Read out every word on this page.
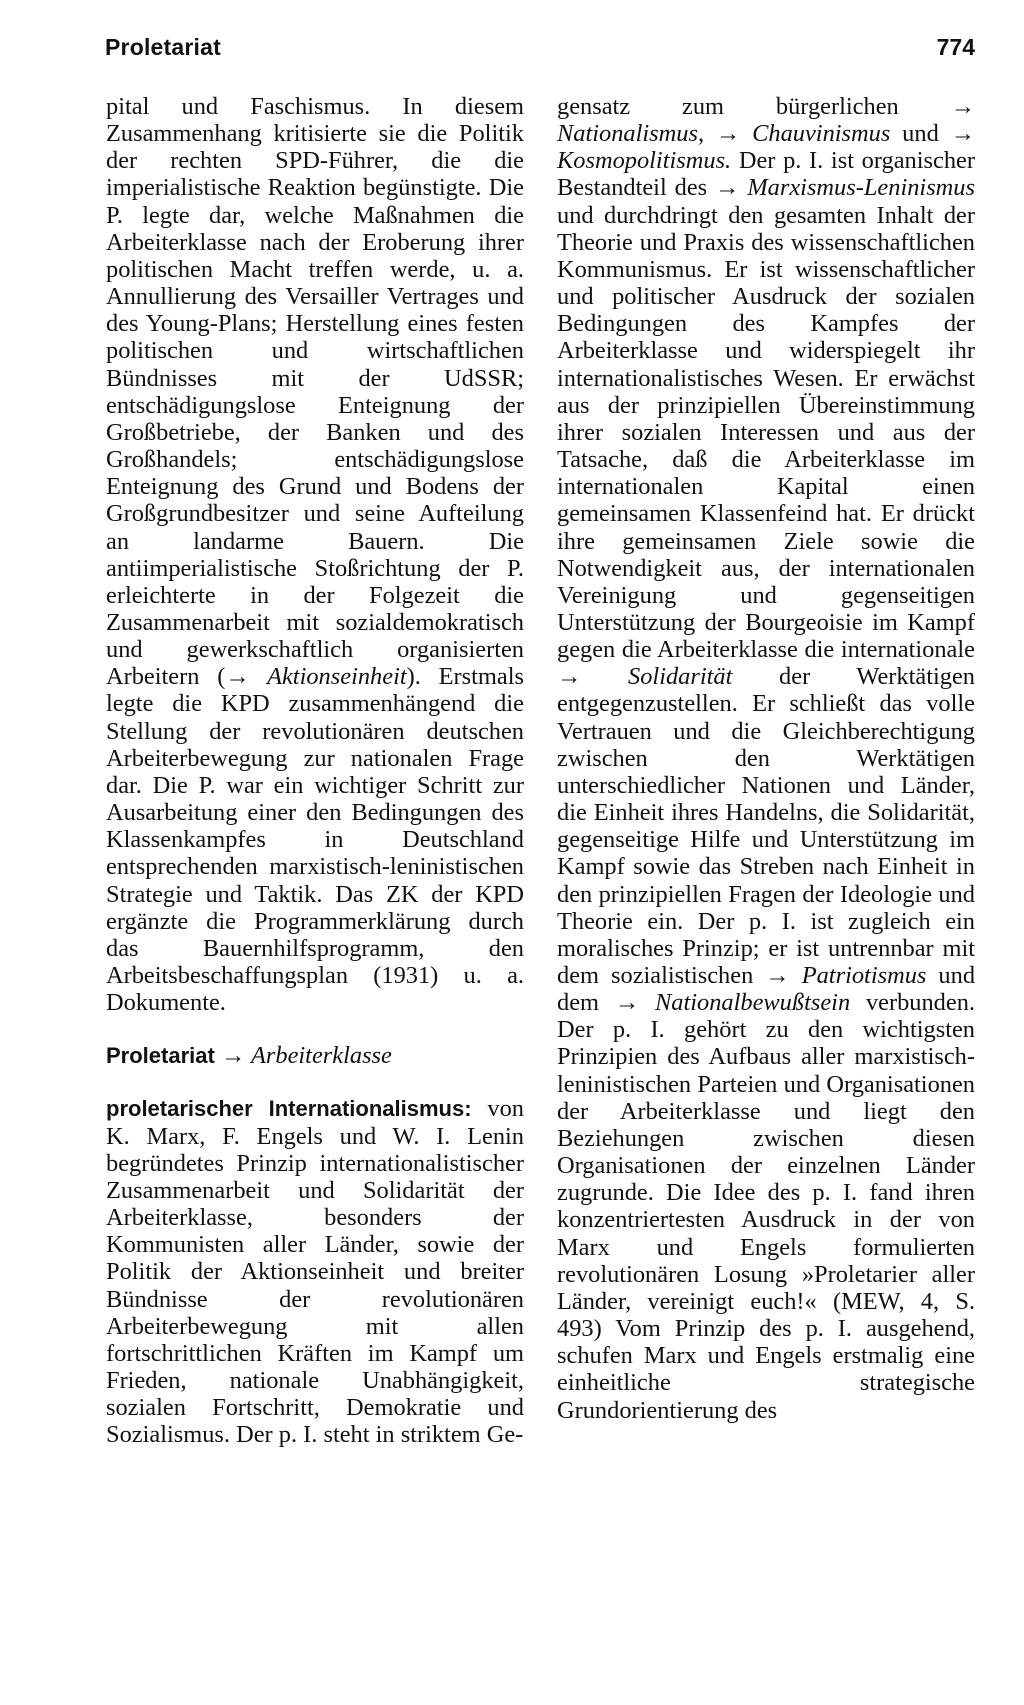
Proletariat	774

pital und Faschismus. In diesem Zusammenhang kritisierte sie die Politik der rechten SPD-Führer, die die imperialistische Reaktion begünstigte. Die P. legte dar, welche Maßnahmen die Arbeiterklasse nach der Eroberung ihrer politischen Macht treffen werde, u. a. Annullierung des Versailler Vertrages und des Young-Plans; Herstellung eines festen politischen und wirtschaftlichen Bündnisses mit der UdSSR; entschädigungslose Enteignung der Großbetriebe, der Banken und des Großhandels; entschädigungslose Enteignung des Grund und Bodens der Großgrundbesitzer und seine Aufteilung an landarme Bauern. Die antiimperialistische Stoßrichtung der P. erleichterte in der Folgezeit die Zusammenarbeit mit sozialdemokratisch und gewerkschaftlich organisierten Arbeitern (→ Aktionseinheit). Erstmals legte die KPD zusammenhängend die Stellung der revolutionären deutschen Arbeiterbewegung zur nationalen Frage dar. Die P. war ein wichtiger Schritt zur Ausarbeitung einer den Bedingungen des Klassenkampfes in Deutschland entsprechenden marxistisch-leninistischen Strategie und Taktik. Das ZK der KPD ergänzte die Programmerklärung durch das Bauernhilfsprogramm, den Arbeitsbeschaffungsplan (1931) u. a. Dokumente.

Proletariat → Arbeiterklasse

proletarischer Internationalismus: von K. Marx, F. Engels und W. I. Lenin begründetes Prinzip internationalistischer Zusammenarbeit und Solidarität der Arbeiterklasse, besonders der Kommunisten aller Länder, sowie der Politik der Aktionseinheit und breiter Bündnisse der revolutionären Arbeiterbewegung mit allen fortschrittlichen Kräften im Kampf um Frieden, nationale Unabhängigkeit, sozialen Fortschritt, Demokratie und Sozialismus. Der p. I. steht in striktem Ge-

gensatz zum bürgerlichen → Nationalismus, → Chauvinismus und → Kosmopolitismus. Der p. I. ist organischer Bestandteil des → Marxismus-Leninismus und durchdringt den gesamten Inhalt der Theorie und Praxis des wissenschaftlichen Kommunismus. Er ist wissenschaftlicher und politischer Ausdruck der sozialen Bedingungen des Kampfes der Arbeiterklasse und widerspiegelt ihr internationalistisches Wesen. Er erwächst aus der prinzipiellen Übereinstimmung ihrer sozialen Interessen und aus der Tatsache, daß die Arbeiterklasse im internationalen Kapital einen gemeinsamen Klassenfeind hat. Er drückt ihre gemeinsamen Ziele sowie die Notwendigkeit aus, der internationalen Vereinigung und gegenseitigen Unterstützung der Bourgeoisie im Kampf gegen die Arbeiterklasse die internationale → Solidarität der Werktätigen entgegenzustellen. Er schließt das volle Vertrauen und die Gleichberechtigung zwischen den Werktätigen unterschiedlicher Nationen und Länder, die Einheit ihres Handelns, die Solidarität, gegenseitige Hilfe und Unterstützung im Kampf sowie das Streben nach Einheit in den prinzipiellen Fragen der Ideologie und Theorie ein. Der p. I. ist zugleich ein moralisches Prinzip; er ist untrennbar mit dem sozialistischen → Patriotismus und dem → Nationalbewußtsein verbunden. Der p. I. gehört zu den wichtigsten Prinzipien des Aufbaus aller marxistisch-leninistischen Parteien und Organisationen der Arbeiterklasse und liegt den Beziehungen zwischen diesen Organisationen der einzelnen Länder zugrunde. Die Idee des p. I. fand ihren konzentriertesten Ausdruck in der von Marx und Engels formulierten revolutionären Losung »Proletarier aller Länder, vereinigt euch!« (MEW, 4, S. 493) Vom Prinzip des p. I. ausgehend, schufen Marx und Engels erstmalig eine einheitliche strategische Grundorientierung des
